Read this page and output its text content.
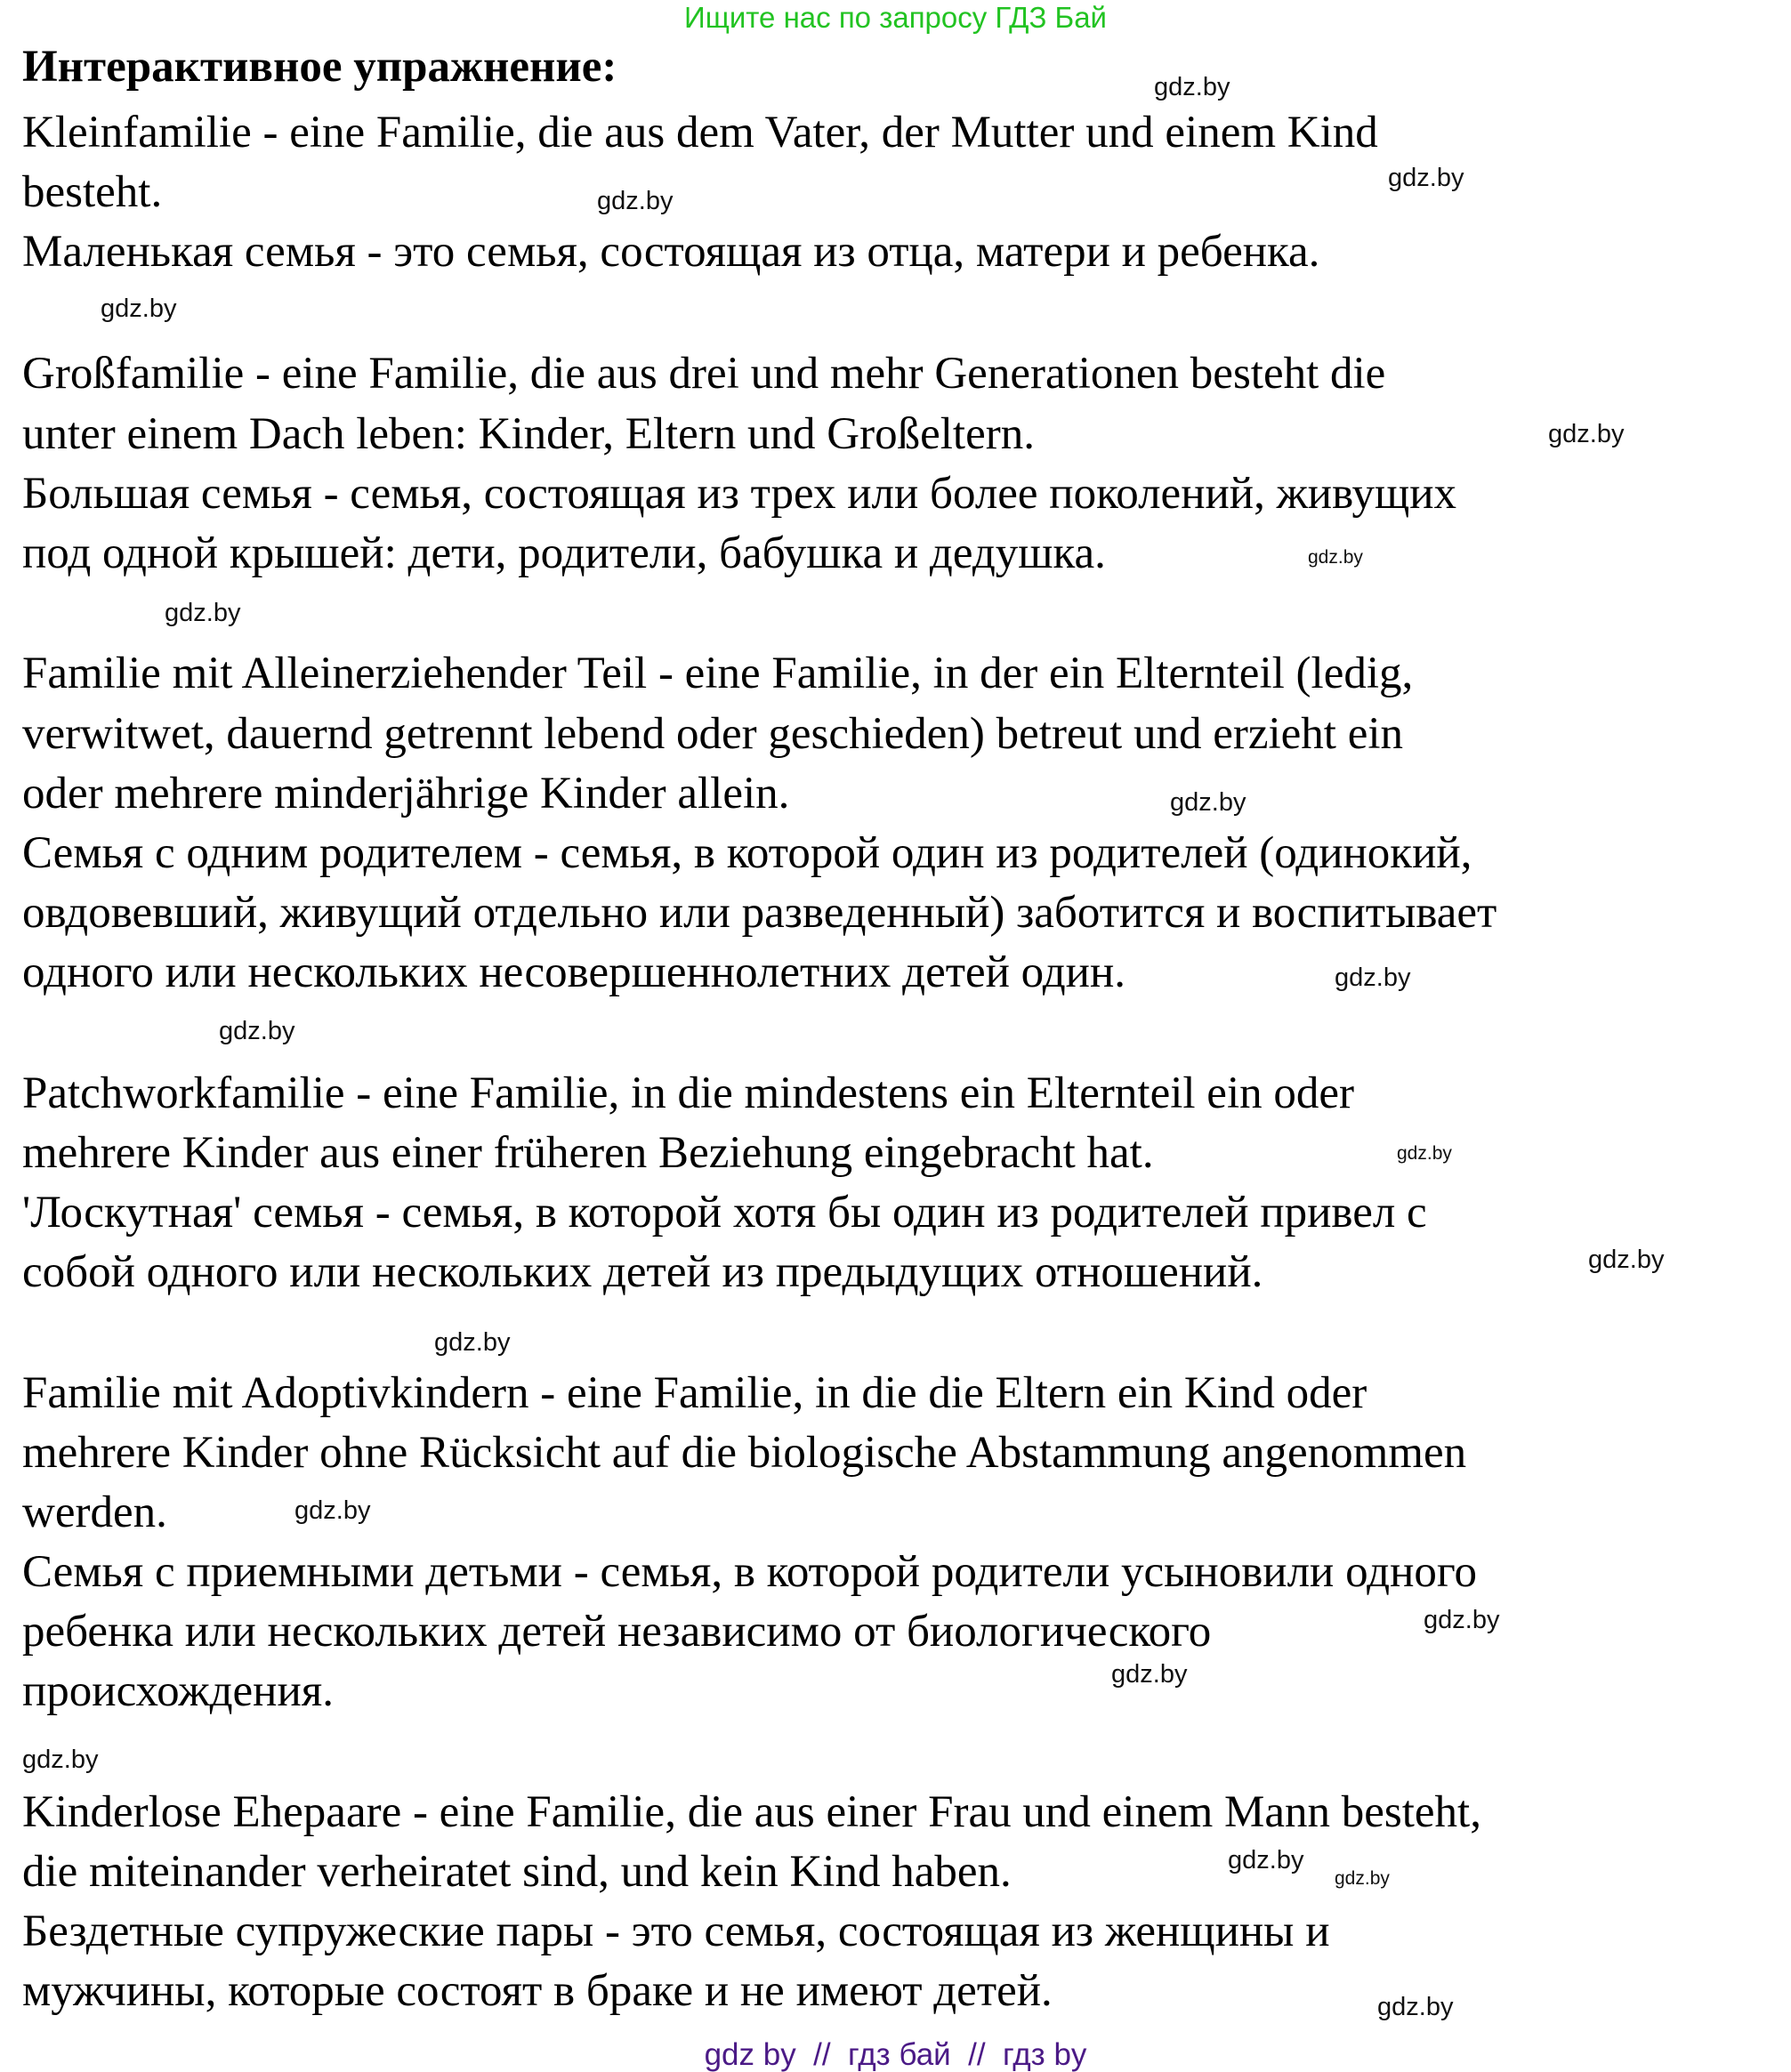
Ищите нас по запросу ГДЗ Бай
Интерактивное упражнение:
Kleinfamilie - eine Familie, die aus dem Vater, der Mutter und einem Kind
besteht.
Маленькая семья - это семья, состоящая из отца, матери и ребенка.
Großfamilie - eine Familie, die aus drei und mehr Generationen besteht die
unter einem Dach leben: Kinder, Eltern und Großeltern.
Большая семья - семья, состоящая из трех или более поколений, живущих
под одной крышей: дети, родители, бабушка и дедушка.
Familie mit Alleinerziehender Teil - eine Familie, in der ein Elternteil (ledig,
verwitwet, dauernd getrennt lebend oder geschieden) betreut und erzieht ein
oder mehrere minderjährige Kinder allein.
Семья с одним родителем - семья, в которой один из родителей (одинокий,
овдовевший, живущий отдельно или разведенный) заботится и воспитывает
одного или нескольких несовершеннолетних детей один.
Patchworkfamilie - eine Familie, in die mindestens ein Elternteil ein oder
mehrere Kinder aus einer früheren Beziehung eingebracht hat.
'Лоскутная' семья - семья, в которой хотя бы один из родителей привел с
собой одного или нескольких детей из предыдущих отношений.
Familie mit Adoptivkindern - eine Familie, in die die Eltern ein Kind oder
mehrere Kinder ohne Rücksicht auf die biologische Abstammung angenommen
werden.
Семья с приемными детьми - семья, в которой родители усыновили одного
ребенка или нескольких детей независимо от биологического
происхождения.
Kinderlose Ehepaare - eine Familie, die aus einer Frau und einem Mann besteht,
die miteinander verheiratet sind, und kein Kind haben.
Бездетные супружеские пары - это семья, состоящая из женщины и
мужчины, которые состоят в браке и не имеют детей.
gdz.by
gdz.by
gdz.by
gdz.by
gdz.by
gdz.by
gdz.by
gdz.by
gdz.by
gdz.by
gdz.by
gdz.by
gdz.by
gdz.by
gdz.by
gdz.by
gdz.by
gdz.by
gdz.by
gdz.by
gdz by  //  гдз бай  //  гдз by
